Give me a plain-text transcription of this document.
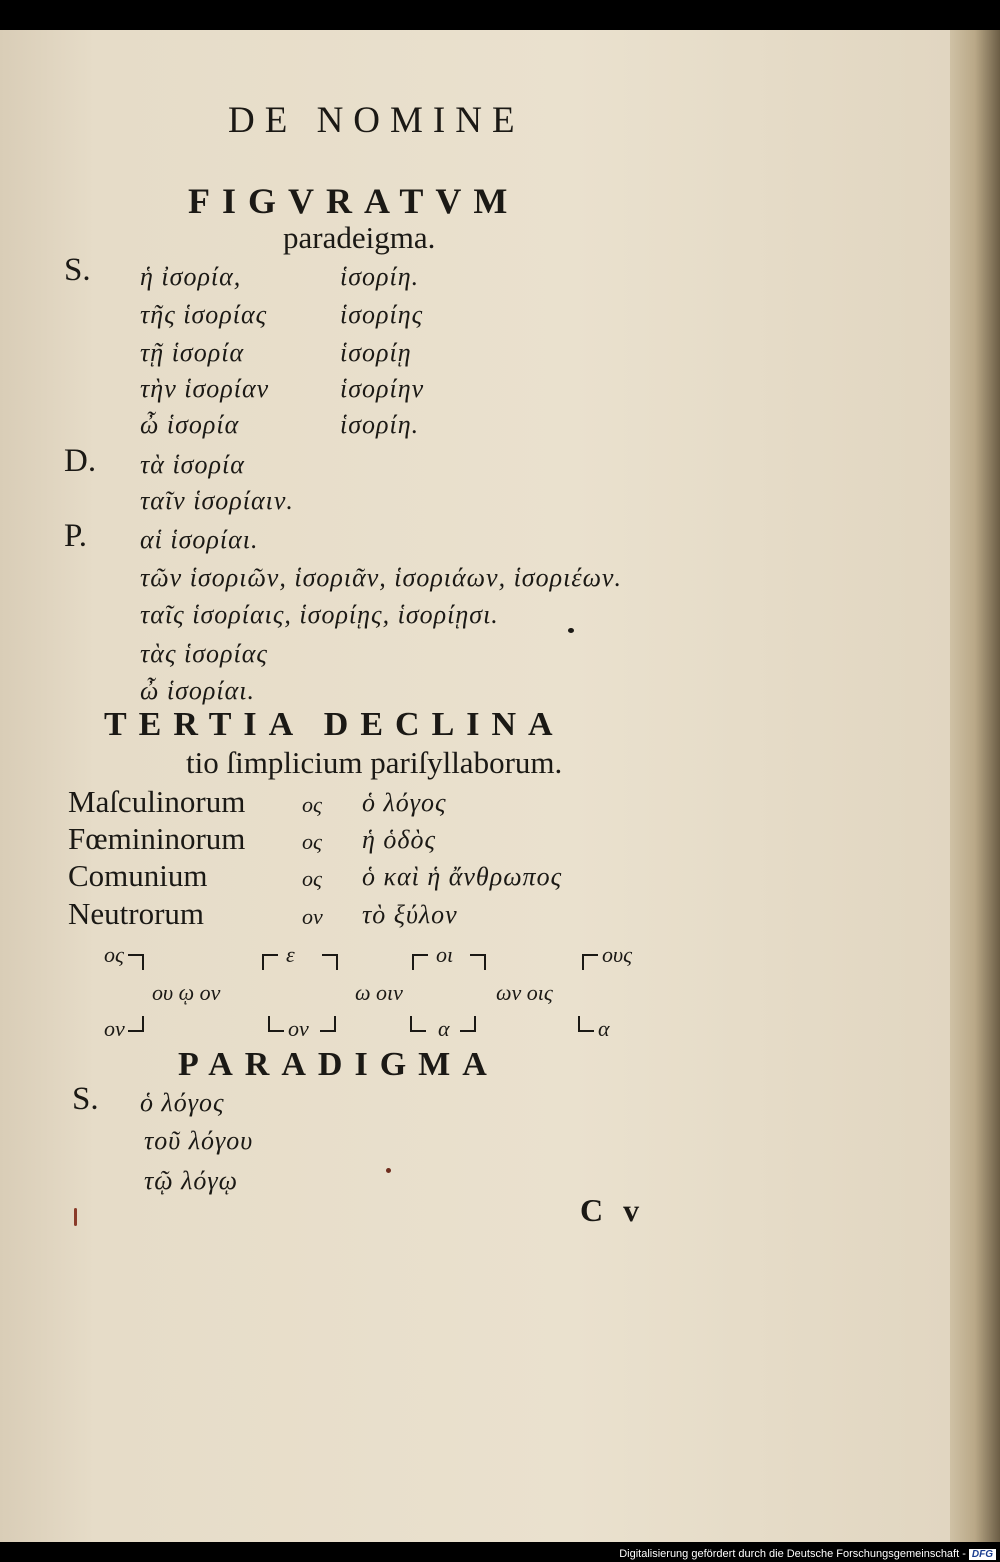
DE NOMINE
FIGVRATVM
paradeigma.
S. ἡ ἰσορία,	ἱσορίη.
τῆς ἱσορίας	ἱσορίης
τῇ ἱσορία	ἱσορίῃ
τὴν ἱσορίαν	ἱσορίην
ὦ ἱσορία	ἱσορίη.
D. τὰ ἱσορία
ταῖν ἱσορίαιν.
P. αἱ ἱσορίαι.
τῶν ἱσοριῶν, ἱσοριᾶν, ἱσοριάων, ἱσοριέων.
ταῖς ἱσορίαις, ἱσορίῃς, ἱσορίῃσι.
τὰς ἱσορίας
ὦ ἱσορίαι.
TERTIA DECLINA
tio ſimplicium pariſyllaborum.
Maſculinorum	ος ὁ λόγος
Fœmininorum	ος ἡ ὁδὸς
Comunium	ος ὁ καὶ ἡ ἄνθρωπος
Neutrorum	ον τὸ ξύλον
ος	ε	οι	ους
ου ῳ ον	ω οιν	ων οις
ον	ον	α	α
PARADIGMA
S. ὁ λόγος
τοῦ λόγου
τῷ λόγῳ
C v
Digitalisierung gefördert durch die Deutsche Forschungsgemeinschaft - DFG
